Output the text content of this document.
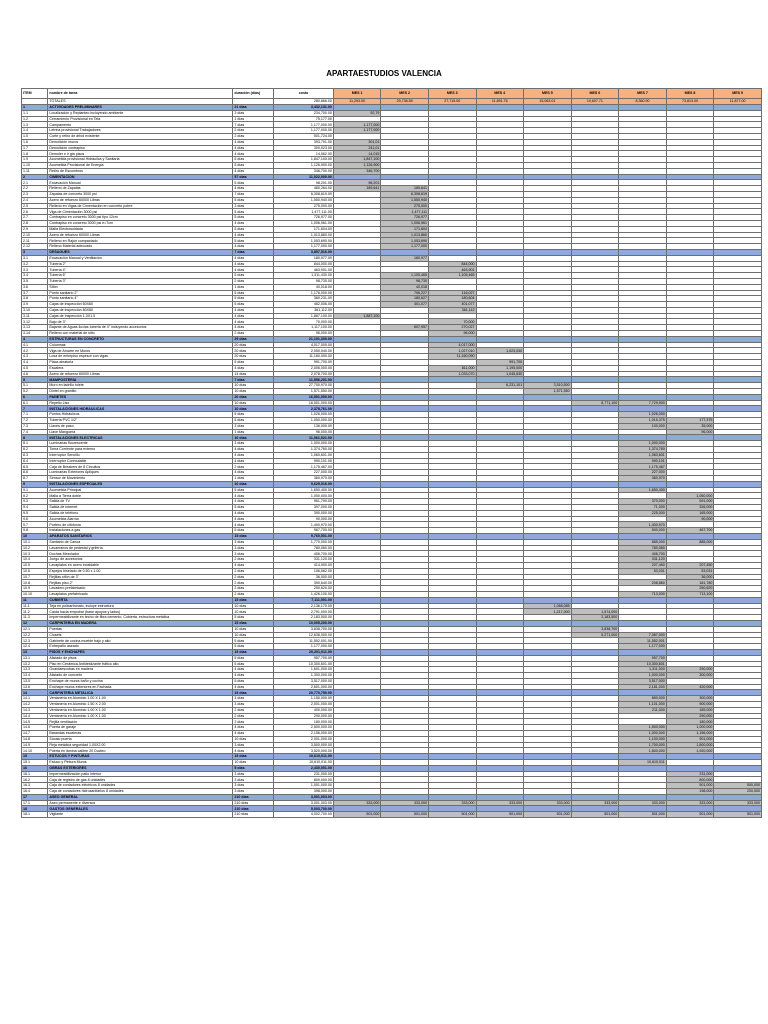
APARTAESTUDIOS VALENCIA
ITEM	nombre de tarea	duración (días)	costo	MES 1	MES 2	MES 3	MES 4	MES 5	MES 6	MES 7	MES 8	MES 9
	TOTALES		280,866.00	11,293.00	29,738.55	27,715.00	11,891.76	15,063.01	10,607.71	8,360.90	73,813.00	11,877.00
1	ACTIVIDADES PRELIMINARES	21 días	3,432,131.00									
1.1	Localización y Replanteo incluyendo ambiente	3 días	234,700.00	92,79								
1.2	Cerramiento Provisional en Tela	1 días	75,177.00									
1.3	Campamento	7 días	1,177,000.00	1,177,000								
1.4	Letrina provisional Trabajadores	2 días	1,177,000.00	1,177,000								
1.5	Corte y retiro de árbol existente	2 días	501,724.00									
1.6	Demolición muros	4 días	393,701.00	301,01								
1.7	Demolición contrapiso	4 días	300,023.00	241,01								
1.8	Demoler e ir gia pisos	4 días	14,062.00	14,015								
1.9	Acometida provisional Hidráulica y Sanitaria	5 días	1,847,100.00	1,847,100								
1.10	Acometida Provisional de Energía	5 días	1,126,900.00	1,126,900								
1.11	Retiro de Escombros	4 días	346,700.00	346,700								
2	CIMENTACION	57 días	11,022,000.00									
2.1	Excavación Manual	5 días	98,201.00	98,201								
2.2	Relleno de Zapatas	4 días	480,264.00	189,641	189,641							
2.3	Zapatas de concreto 3000 psi	7 días	6,308,619.00		6,308,619							
2.4	Acero de refuerzo 60000 Libras	5 días	1,550,940.00		1,550,940							
2.5	Relleno en Vigas de Cimentación en concreto pobre	3 días	275,000.00		275,000							
2.6	Viga de Cimentación 3000 psi	5 días	1,477,111.00		1,477,111							
2.7	Contrapiso en concreto 3000 psi tipo 12cm	5 días	726,977.00		726,977							
2.8	Contrapiso en concreto 3000 psi e=7cm	4 días	1,006,961.00		1,006,961							
2.9	Malla Electrosoldada	5 días	171,604.00		171,604							
2.10	Acero de refuerzo 60000 Libras	4 días	1,013,860.00		1,013,860							
2.11	Relleno en Rajón compactado	5 días	1,053,690.00		1,053,690							
2.12	Relleno Material adecuado	4 días	1,177,000.00		1,177,000							
3	DESAGUES	7 días	3,857,516.00									
3.1	Excavación Manual y Ventilación	4 días	180,977.00		180,977							
3.2	Tubería 2"	4 días	844,000.00			844,000						
3.3	Tubería 4"	4 días	463,901.00			463,901						
3.4	Tubería 6"	5 días	1,311,430.00		1,105,465	1,105,465						
3.5	Tubería 3"	2 días	98,730.00		98,730							
3.6	Sifón	1 días	40,018.00		40,018							
3.7	Punto sanitario 2"	5 días	1,176,000.00		706,227	116,027						
3.8	Punto sanitario 4"	5 días	360,231.00		180,627	180,604						
3.9	Cajas de inspección 60X60	5 días	462,006.00		401,077	401,077						
3.10	Cajas de inspección 80X80	4 días	361,112.00			361,112						
3.11	Cajas de Inspección 1.0X1.0	4 días	1,887,100.00	1,887,100								
3.12	Bajo de 3"	4 días	70,000.00			70,000						
3.13	Bajante de Aguas lluvias tubería de 4" incluyendo accesorios	4 días	1,117,100.00		607,957	270,027						
3.14	Relleno con material de sitio	2 días	96,000.00			96,000						
4	ESTRUCTURAS EN CONCRETO	29 días	21,101,300.00									
4.1	Columnas	20 días	4,017,000.00			4,017,000						
4.2	Viga de Amarre en Muros	20 días	2,050,040.00			1,027,010	1,023,030					
4.3	Losa de entrepiso espesor con vigas	20 días	11,160,090.00			11,160,090						
4.4	Placa aleatoria	5 días	991,700.00				991,700					
4.5	Escalera	4 días	2,006,000.00			811,000	1,195,000					
4.6	Acero de refuerzo 60000 Libras	14 días	2,078,700.00			1,033,070	1,045,630					
5	MAMPOSTERIA	7 días	11,556,201.00									
5.1	Muro en ladrillo tolete	10 días	27,700,970.00				6,231,101	3,510,500				
5.2	Dintel en graniito	10 días	1,571,550.00					1,571,550				
6	PAÑETES	20 días	16,501,000.00									
6.1	Repello Liso	10 días	16,501,000.00						8,771,100	7,729,900		
7	INSTALACIONES HIDRAULICAS	10 días	2,378,761.00									
7.1	Puntos Hidráulicos	5 días	1,026,000.00							1,026,000		
7.2	Tubería PVC 1/2"	5 días	1,050,000.00							1,015,375	177,375	
7.3	Llaves de paso	3 días	136,000.00							100,000	35,000	
7.4	Llave Manguera	1 días	96,000.00								96,000	
8	INSTALACIONES ELECTRICAS	10 días	11,061,021.00									
8.1	Luminarias fluorescente	3 días	1,000,000.00							1,000,000		
8.2	Toma Corriente para externo	4 días	1,374,760.00							1,374,760		
8.3	Interruptor Sencillo	4 días	1,060,601.00							1,060,601		
8.4	Interruptor Conmutable	4 días	990,101.00							990,101		
8.5	Caja de Breakers de 8 Circuitos	2 días	1,175,467.00							1,175,467		
8.6	Luminarias Exteriores Apliques	4 días	227,000.00							227,000		
8.7	Sensor de Movimiento	1 días	360,970.00							360,970		
9	INSTALACIONES ESPECIALES	10 días	9,625,016.00									
9.1	Acometida Principal	5 días	1,650,400.00							1,650,400		
9.2	Malla a Tierra doble	4 días	1,050,000.00								1,050,000	
9.3	Salida de TV	4 días	961,790.00							370,000	591,000	
9.4	Salida de internet	5 días	397,000.00							71,000	326,000	
9.5	Salida de teléfono	4 días	390,000.00							225,000	165,000	
9.6	Acometida Alarma	4 días	90,000.00								90,000	
9.7	Portero de citófonía	4 días	1,400,970.00							1,400,970		
9.8	Instalaciones a gas	5 días	967,700.00							500,000	467,700	
10	APARATOS SANITARIOS	15 días	9,760,501.00									
10.1	Sanitario de Canoa	3 días	1,770,000.00							885,000	885,000	
10.2	Lavamanos de pedestal y grifería	3 días	780,060.00							780,060		
10.3	Duchas Mezclador	3 días	406,700.00							406,700		
10.4	Juego de accesorios	2 días	331,120.00							331,120		
10.5	Lavaplatos en acero inoxidable	4 días	414,900.00							207,450	207,450	
10.6	Espejos biselado de 0.50 x 1.00	2 días	106,062.00							53,031	53,031	
10.7	Rejillas sifón de 3"	2 días	36,000.00								36,000	
10.8	Rejillas piso 2"	2 días	390,640.00							208,860	181,780	
10.9	Lavadero prefabricado	2 días	250,620.00								250,620	
10.10	Lavaplatos prefabricado	2 días	1,426,100.00							713,000	713,100	
11	CUBIERTA	15 días	7,111,001.00									
11.1	Teja en policarbonato, incluye estructura	10 días	2,136,170.00					1,068,085				
11.2	Caída hacia empotrar (base apoyos y lados)	10 días	2,791,000.00					1,217,000	1,574,000			
11.3	Impermeabilizante en techo de fibra cemento. Cubierta, estructura metálica	5 días	2,183,500.00						2,183,500			
12	CARPINTERIA EN MADERA	15 días	10,005,200.00									
12.1	Puertas	10 días	3,838,700.00						3,838,700			
12.2	Closets	10 días	12,638,000.00						5,271,000	7,367,000		
12.3	Gabinete de cocina mueble bajo y alto	5 días	11,552,001.00							11,552,001		
12.4	Entrepaño aseado	5 días	1,177,000.00							1,177,000		
13	PISOS Y ENCHAPES	15 días	20,201,011.00									
13.1	Alistado de pisos	5 días	957,700.00							957,700		
13.2	Piso en Cerámica Antideslizante tráfico alto	5 días	10,300,601.00							10,300,601		
13.3	Guardaescobas en madera	4 días	1,601,000.00							1,311,000	290,000	
13.4	Alistado de concreto	4 días	1,300,000.00							1,000,000	300,000	
13.5	Enchape de muros baño y cocina	5 días	3,517,000.00							3,517,000		
13.6	Enchape muros exteriores en Fachada	4 días	2,601,000.00							2,181,000	420,000	
14	CARPINTERIA METALICA	15 días	20,770,750.00									
14.1	Ventanería en Aluminio 1.00 X 1.00	3 días	1,150,000.00							850,000	300,000	
14.2	Ventanería en Aluminio 1.50 X 2.00	3 días	2,001,000.00							1,101,000	900,000	
14.3	Ventanería en Aluminio 1.00 X 1.00	2 días	400,000.00							211,000	189,000	
14.4	Ventanería en Aluminio 1.00 X 1.00	2 días	290,000.00								290,000	
14.5	Rejilla ventilación	2 días	180,000.00								180,000	
14.6	Puerta de garaje	4 días	2,500,000.00							1,500,000	1,000,000	
14.7	Barandas escaleras	4 días	2,156,000.00							1,000,000	1,156,000	
14.8	Sócalo puerta	10 días	2,001,000.00							1,100,000	901,000	
14.9	Reja metálica seguridad 1.00X2.00	3 días	3,500,000.00							1,700,000	1,800,000	
14.10	Puerta en lámina calibre 20 Ducteo	4 días	3,520,000.00							1,600,000	1,920,000	
15	ESTUCOS Y PINTURAS	15 días	10,610,011.00									
15.1	Estuco y Pintura Muros	10 días	10,610,011.00							10,610,011		
16	OBRAS EXTERIORES	5 días	2,430,001.00									
16.1	Impermeabilización patio interior	3 días	231,000.00								231,000	
16.2	Caja de registro de gas 8 unidades	3 días	800,000.00								800,000	
16.3	Caja de contadores eléctricos 8 unidades	3 días	1,001,000.00								501,000	500,000
16.4	Caja de contadores hidrosanitarios 8 unidades	3 días	398,000.00								198,000	200,000
17	ASEO GENERAL	210 días	3,001,003.00									
17.1	Aseo permanente e diversos	210 días	3,001,003.00	333,000	333,000	333,000	333,000	333,000	333,000	333,000	333,000	333,000
18	GASTOS GENERALES	210 días	5,003,700.00									
18.1	Vigilante	210 días	4,002,700.00	501,000	501,000	501,000	501,000	501,000	501,000	501,000	501,000	501,000
